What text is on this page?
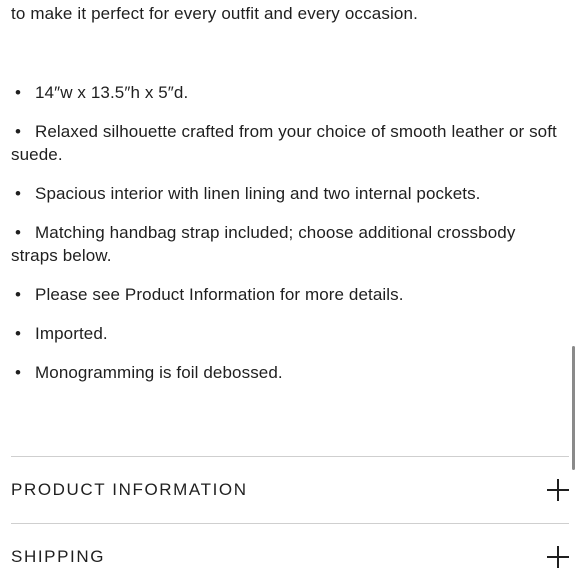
to make it perfect for every outfit and every occasion.
• 14″w x 13.5″h x 5″d.
• Relaxed silhouette crafted from your choice of smooth leather or soft suede.
• Spacious interior with linen lining and two internal pockets.
• Matching handbag strap included; choose additional crossbody straps below.
• Please see Product Information for more details.
• Imported.
• Monogramming is foil debossed.
PRODUCT INFORMATION
SHIPPING
